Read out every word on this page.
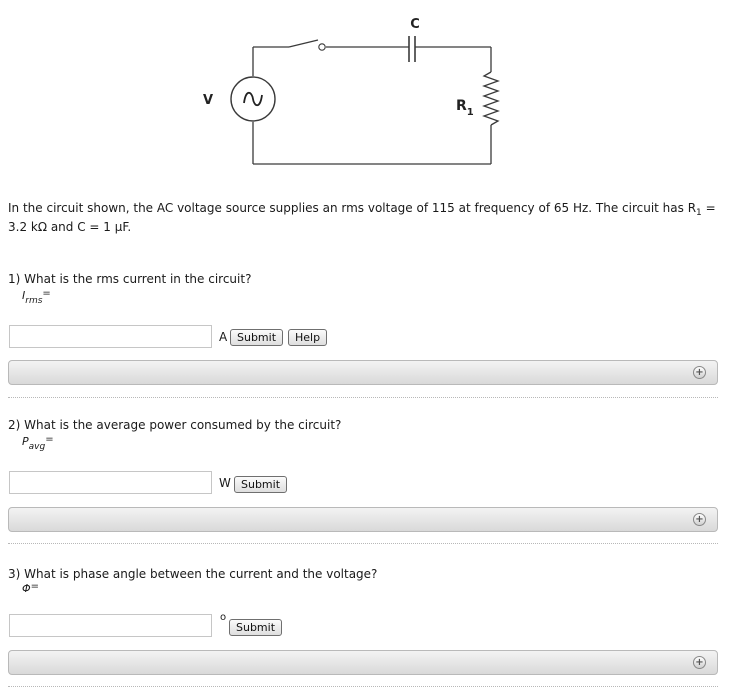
V
C
$R_1$
In the circuit shown, the AC voltage source supplies an rms voltage of 115 at frequency of 65 Hz. The circuit has $R_1 = 3.2$ kΩ and C = 1 μF.
1) What is the rms current in the circuit?
$I_{rms}=$
A Submit	Help
+
2) What is the average power consumed by the circuit?
$P_{avg}=$
W Submit
+
3) What is phase angle between the current and the voltage?
Φ=
o
Submit
+
